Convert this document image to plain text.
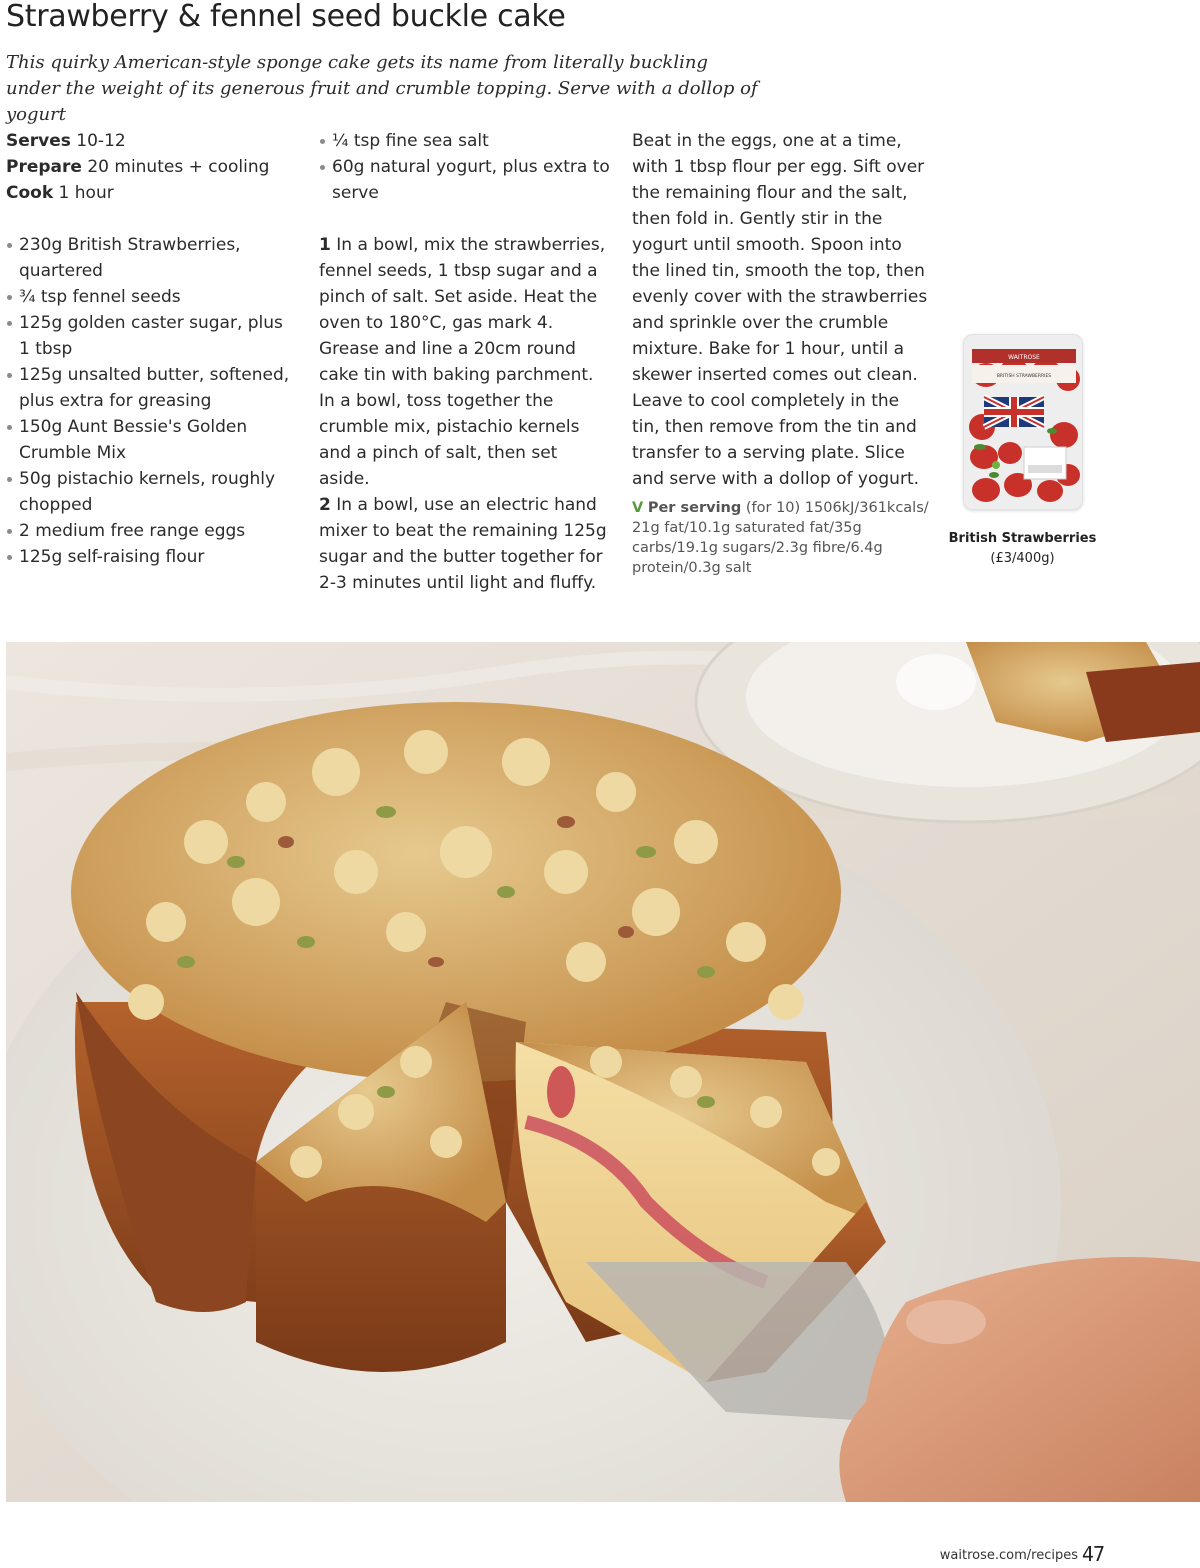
Strawberry & fennel seed buckle cake

This quirky American-style sponge cake gets its name from literally buckling under the weight of its generous fruit and crumble topping. Serve with a dollop of yogurt

Serves 10-12
Prepare 20 minutes + cooling
Cook 1 hour
230g British Strawberries, quartered
¾ tsp fennel seeds
125g golden caster sugar, plus 1 tbsp
125g unsalted butter, softened, plus extra for greasing
150g Aunt Bessie's Golden Crumble Mix
50g pistachio kernels, roughly chopped
2 medium free range eggs
125g self-raising flour
¼ tsp fine sea salt
60g natural yogurt, plus extra to serve

1 In a bowl, mix the strawberries, fennel seeds, 1 tbsp sugar and a pinch of salt. Set aside. Heat the oven to 180°C, gas mark 4. Grease and line a 20cm round cake tin with baking parchment. In a bowl, toss together the crumble mix, pistachio kernels and a pinch of salt, then set aside.

2 In a bowl, use an electric hand mixer to beat the remaining 125g sugar and the butter together for 2-3 minutes until light and fluffy.

Beat in the eggs, one at a time, with 1 tbsp flour per egg. Sift over the remaining flour and the salt, then fold in. Gently stir in the yogurt until smooth. Spoon into the lined tin, smooth the top, then evenly cover with the strawberries and sprinkle over the crumble mixture. Bake for 1 hour, until a skewer inserted comes out clean. Leave to cool completely in the tin, then remove from the tin and transfer to a serving plate. Slice and serve with a dollop of yogurt.

V Per serving (for 10) 1506kJ/361kcals/ 21g fat/10.1g saturated fat/35g carbs/19.1g sugars/2.3g fibre/6.4g protein/0.3g salt

WAITROSE
BRITISH STRAWBERRIES
British Strawberries
(£3/400g)
waitrose.com/recipes 47
